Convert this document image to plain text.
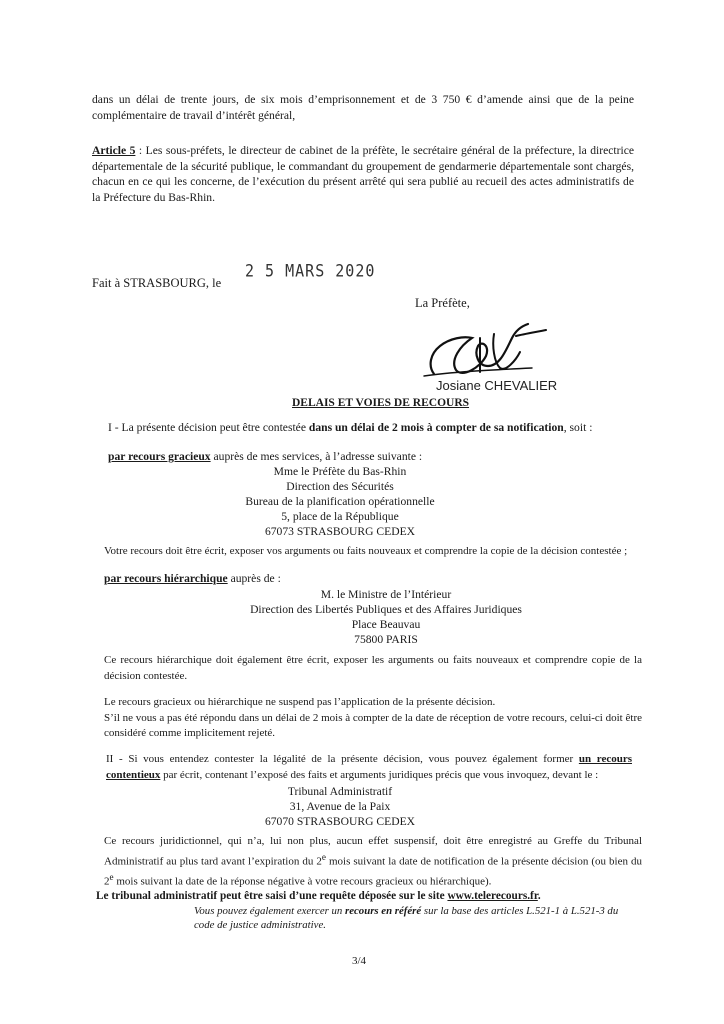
dans un délai de trente jours, de six mois d’emprisonnement et de 3 750 € d’amende ainsi que de la peine complémentaire de travail d’intérêt général,
Article 5 : Les sous-préfets, le directeur de cabinet de la préfète, le secrétaire général de la préfecture, la directrice départementale de la sécurité publique, le commandant du groupement de gendarmerie départementale sont chargés, chacun en ce qui les concerne, de l’exécution du présent arrêté qui sera publié au recueil des actes administratifs de la Préfecture du Bas-Rhin.
Fait à STRASBOURG, le
2 5 MARS 2020
La Préfète,
Josiane CHEVALIER
DELAIS ET VOIES DE RECOURS
I - La présente décision peut être contestée dans un délai de 2 mois à compter de sa notification, soit :
par recours gracieux auprès de mes services, à l’adresse suivante :
Mme le Préfète du Bas-Rhin
Direction des Sécurités
Bureau de la planification opérationnelle
5, place de la République
67073 STRASBOURG CEDEX
Votre recours doit être écrit, exposer vos arguments ou faits nouveaux et comprendre la copie de la décision contestée ;
par recours hiérarchique auprès de :
M. le Ministre de l’Intérieur
Direction des Libertés Publiques et des Affaires Juridiques
Place Beauvau
75800 PARIS
Ce recours hiérarchique doit également être écrit, exposer les arguments ou faits nouveaux et comprendre copie de la décision contestée.
Le recours gracieux ou hiérarchique ne suspend pas l’application de la présente décision.
S’il ne vous a pas été répondu dans un délai de 2 mois à compter de la date de réception de votre recours, celui-ci doit être considéré comme implicitement rejeté.
II - Si vous entendez contester la légalité de la présente décision, vous pouvez également former un recours contentieux par écrit, contenant l’exposé des faits et arguments juridiques précis que vous invoquez, devant le :
Tribunal Administratif
31, Avenue de la Paix
67070 STRASBOURG CEDEX
Ce recours juridictionnel, qui n’a, lui non plus, aucun effet suspensif, doit être enregistré au Greffe du Tribunal Administratif au plus tard avant l’expiration du 2e mois suivant la date de notification de la présente décision (ou bien du 2e mois suivant la date de la réponse négative à votre recours gracieux ou hiérarchique).
Le tribunal administratif peut être saisi d’une requête déposée sur le site www.telerecours.fr.
Vous pouvez également exercer un recours en référé sur la base des articles L.521-1 à L.521-3 du code de justice administrative.
3/4
